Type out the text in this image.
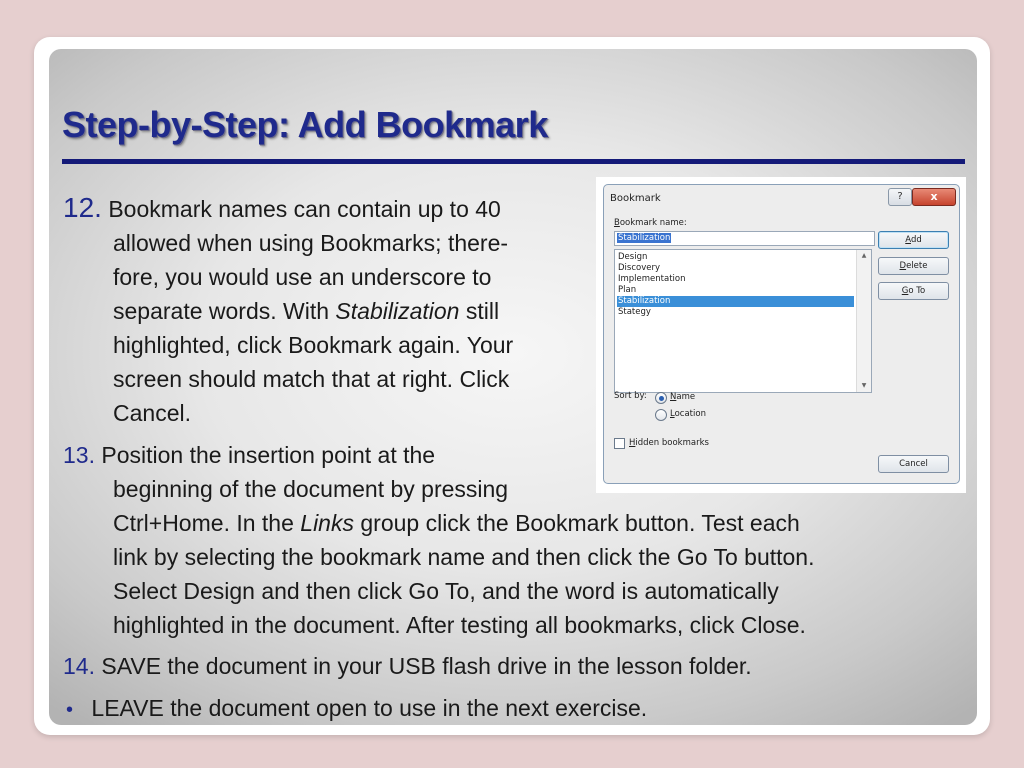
Step-by-Step: Add Bookmark

12. Bookmark names can contain up to 40

allowed when using Bookmarks; there-

fore, you would use an underscore to

separate words. With Stabilization still

highlighted, click Bookmark again. Your

screen should match that at right. Click

Cancel.

13. Position the insertion point at the

beginning of the document by pressing

Ctrl+Home. In the Links group click the Bookmark button. Test each

link by selecting the bookmark name and then click the Go To button.

Select Design and then click Go To, and the word is automatically

highlighted in the document. After testing all bookmarks, click Close.

14. SAVE the document in your USB flash drive in the lesson folder.

• LEAVE the document open to use in the next exercise.

Bookmark	?	x
Bookmark name:
Stabilization
Design
Discovery
Implementation
Plan
Stabilization
Stategy
▲
▼
Add
Delete
Go To
Sort by:	Name
Location
Hidden bookmarks
Cancel
